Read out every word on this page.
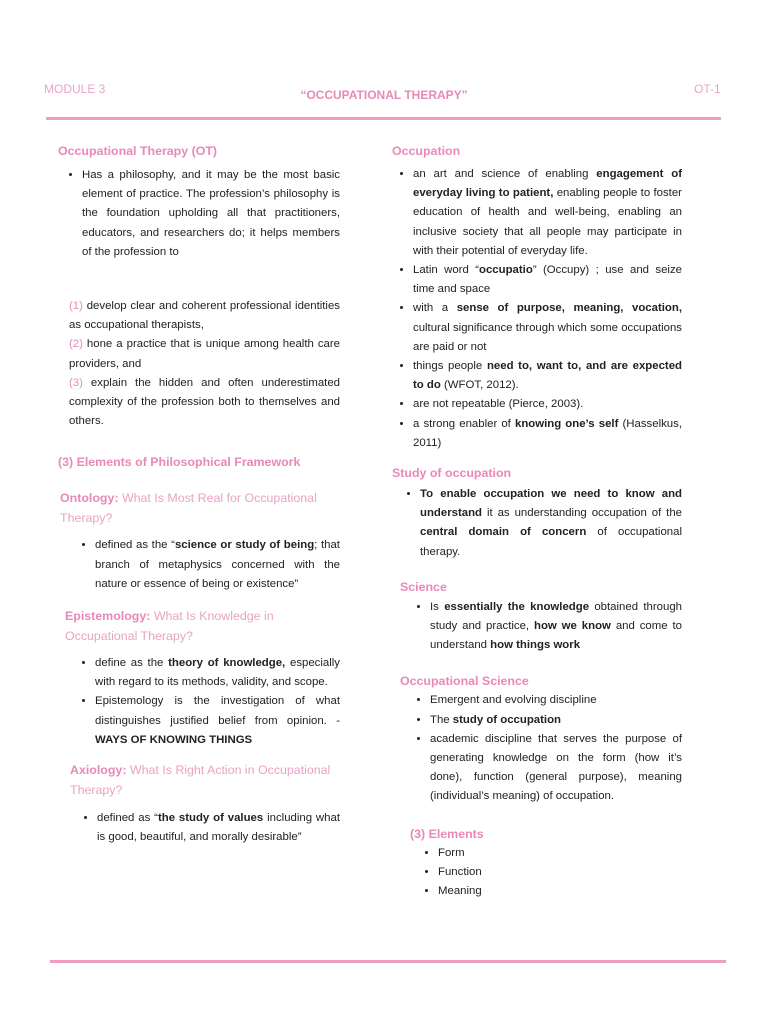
MODULE 3	“OCCUPATIONAL THERAPY”	OT-1
Occupational Therapy (OT)
• Has a philosophy, and it may be the most basic element of practice. The profession’s philosophy is the foundation upholding all that practitioners, educators, and researchers do; it helps members of the profession to
(1) develop clear and coherent professional identities as occupational therapists,
(2) hone a practice that is unique among health care providers, and
(3) explain the hidden and often underestimated complexity of the profession both to themselves and others.
(3) Elements of Philosophical Framework
Ontology: What Is Most Real for Occupational Therapy?
• defined as the “science or study of being; that branch of metaphysics concerned with the nature or essence of being or existence”
Epistemology: What Is Knowledge in Occupational Therapy?
• define as the theory of knowledge, especially with regard to its methods, validity, and scope.
• Epistemology is the investigation of what distinguishes justified belief from opinion. - WAYS OF KNOWING THINGS
Axiology: What Is Right Action in Occupational Therapy?
• defined as “the study of values including what is good, beautiful, and morally desirable”
Occupation
• an art and science of enabling engagement of everyday living to patient, enabling people to foster education of health and well-being, enabling an inclusive society that all people may participate in with their potential of everyday life.
• Latin word “occupatio” (Occupy) ; use and seize time and space
• with a sense of purpose, meaning, vocation, cultural significance through which some occupations are paid or not
• things people need to, want to, and are expected to do (WFOT, 2012).
• are not repeatable (Pierce, 2003).
• a strong enabler of knowing one’s self (Hasselkus, 2011)
Study of occupation
• To enable occupation we need to know and understand it as understanding occupation of the central domain of concern of occupational therapy.
Science
• Is essentially the knowledge obtained through study and practice, how we know and come to understand how things work
Occupational Science
• Emergent and evolving discipline
• The study of occupation
• academic discipline that serves the purpose of generating knowledge on the form (how it’s done), function (general purpose), meaning (individual’s meaning) of occupation.
(3) Elements
• Form
• Function
• Meaning
